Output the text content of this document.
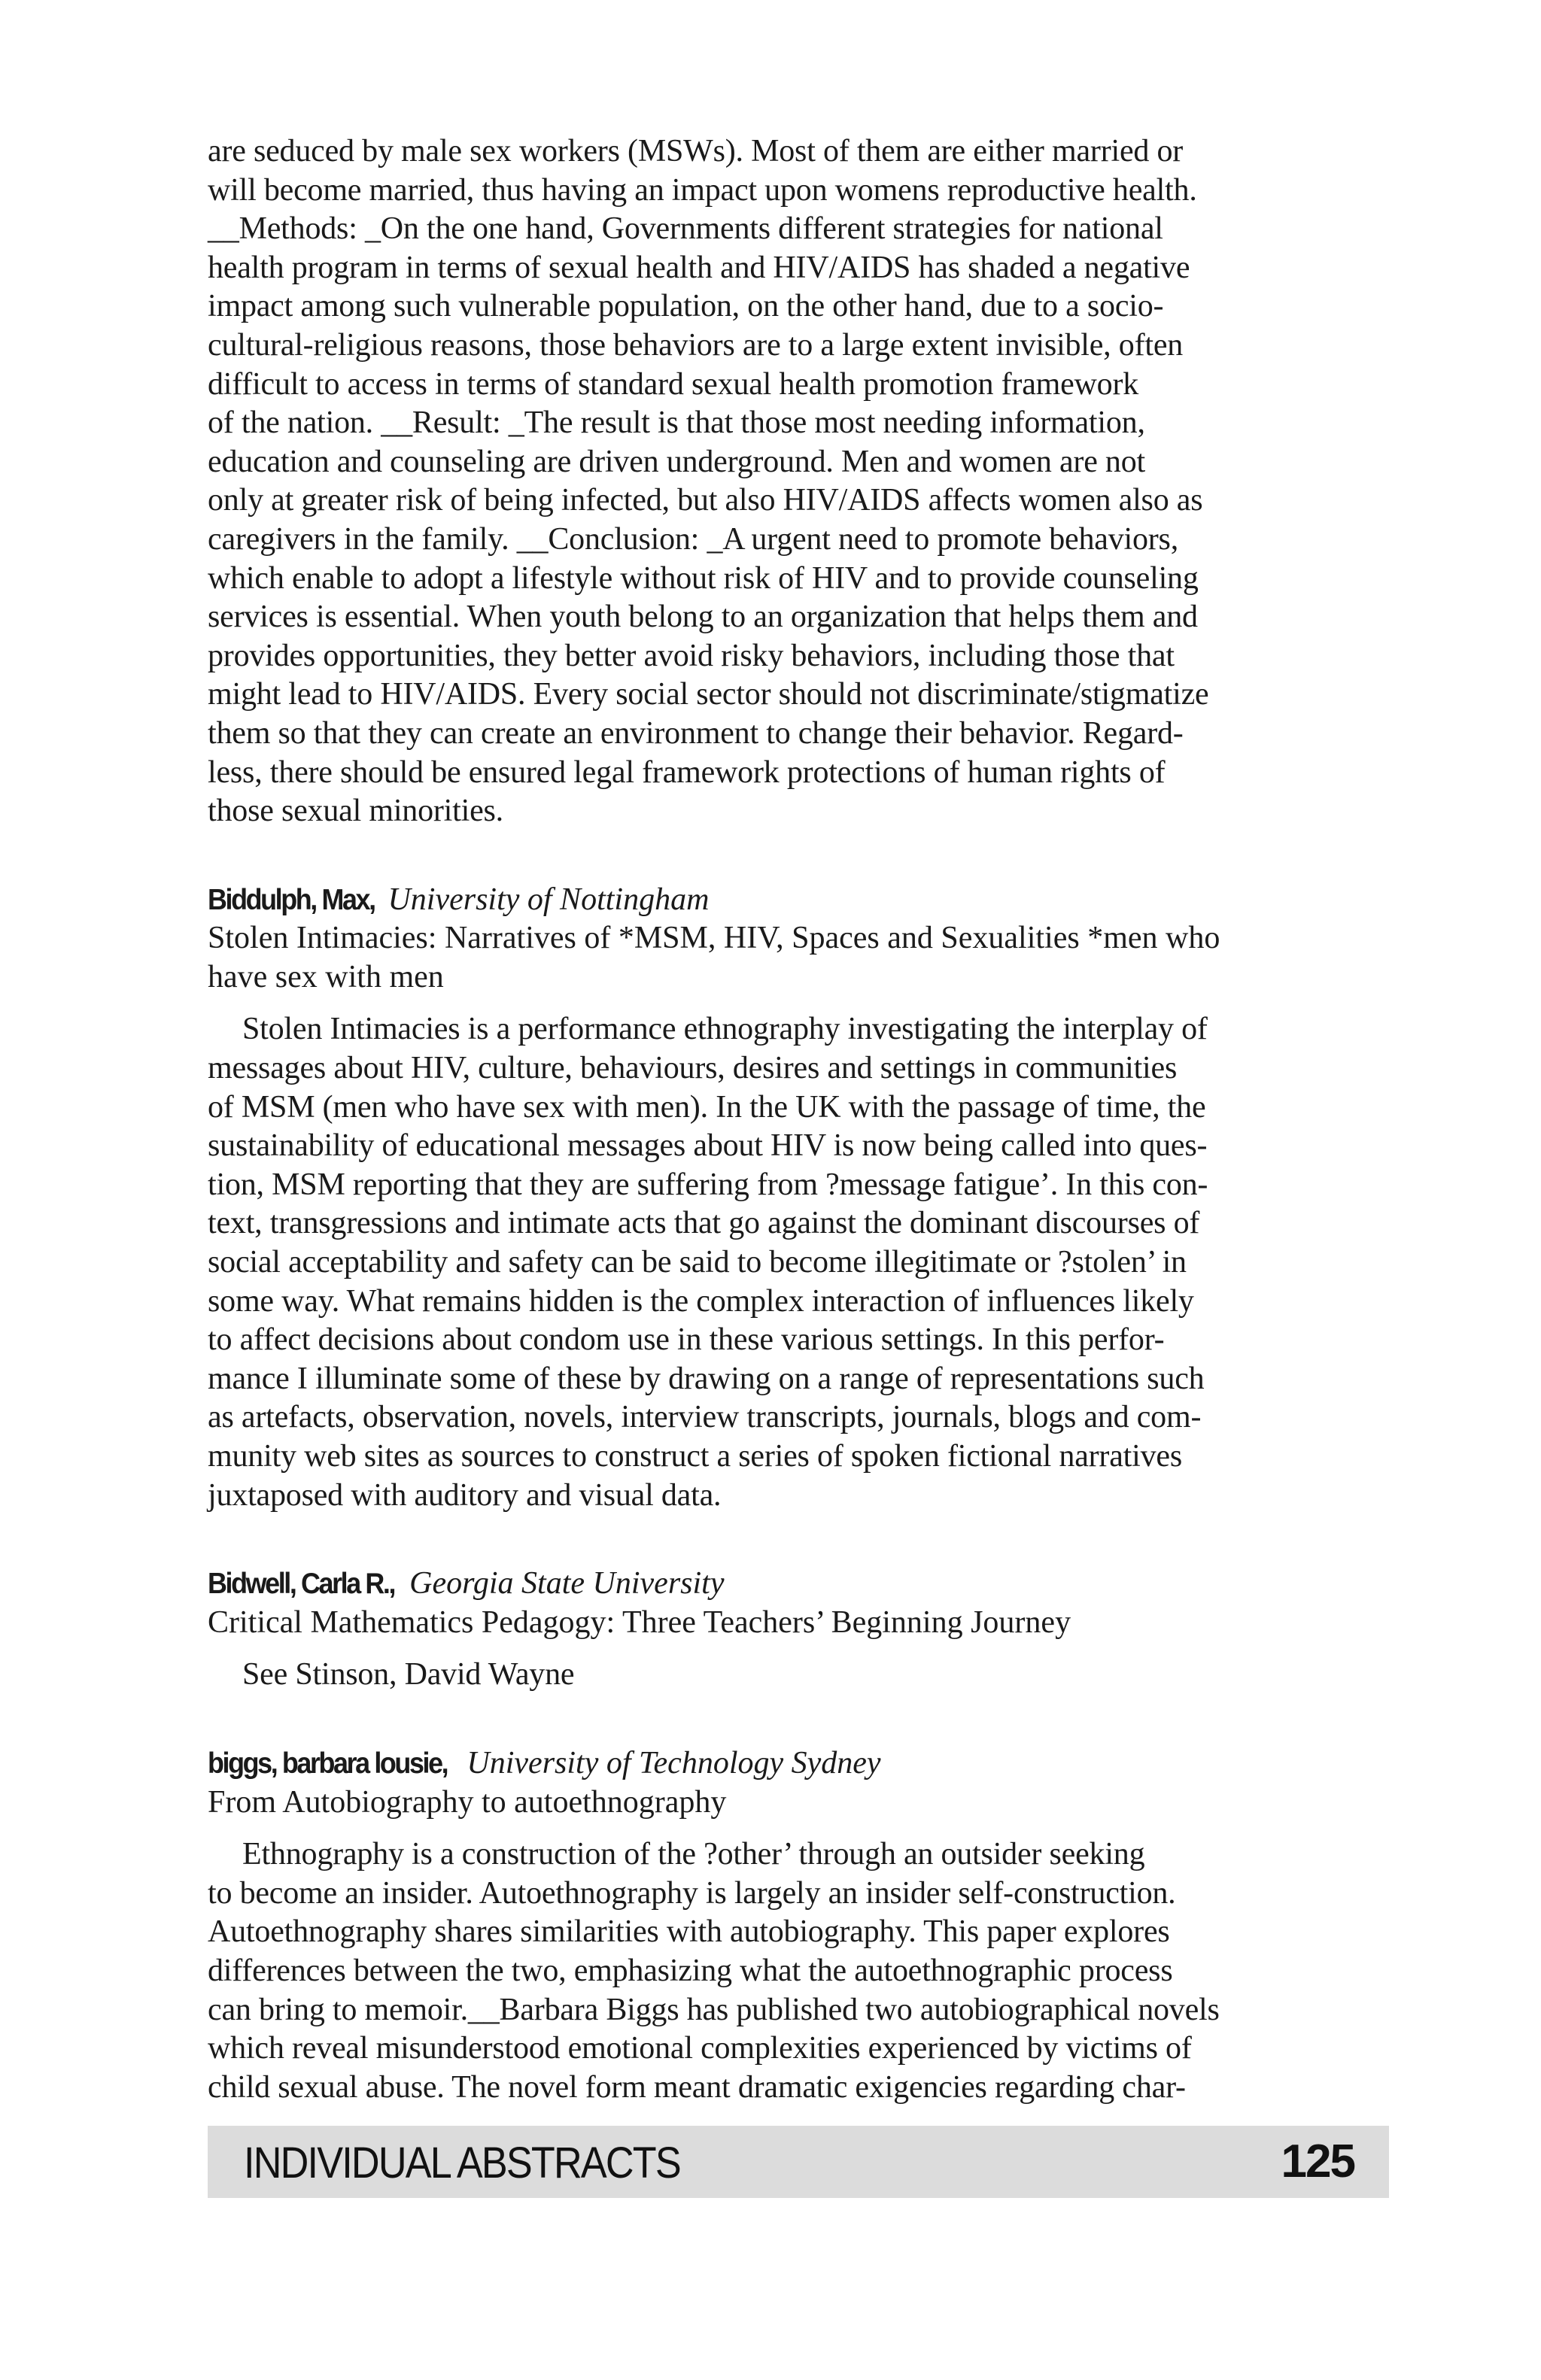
are seduced by male sex workers (MSWs). Most of them are either married or
will become married, thus having an impact upon womens reproductive health.
__Methods: _On the one hand, Governments different strategies for national
health program in terms of sexual health and HIV/AIDS has shaded a negative
impact among such vulnerable population, on the other hand, due to a socio-
cultural-religious reasons, those behaviors are to a large extent invisible, often
difficult to access in terms of standard sexual health promotion framework
of the nation. __Result: _The result is that those most needing information,
education and counseling are driven underground. Men and women are not
only at greater risk of being infected, but also HIV/AIDS affects women also as
caregivers in the family. __Conclusion: _A urgent need to promote behaviors,
which enable to adopt a lifestyle without risk of HIV and to provide counseling
services is essential. When youth belong to an organization that helps them and
provides opportunities, they better avoid risky behaviors, including those that
might lead to HIV/AIDS. Every social sector should not discriminate/stigmatize
them so that they can create an environment to change their behavior. Regard-
less, there should be ensured legal framework protections of human rights of
those sexual minorities.

Biddulph, Max, University of Nottingham
Stolen Intimacies: Narratives of *MSM, HIV, Spaces and Sexualities *men who
have sex with men

Stolen Intimacies is a performance ethnography investigating the interplay of
messages about HIV, culture, behaviours, desires and settings in communities
of MSM (men who have sex with men). In the UK with the passage of time, the
sustainability of educational messages about HIV is now being called into ques-
tion, MSM reporting that they are suffering from ?message fatigue’. In this con-
text, transgressions and intimate acts that go against the dominant discourses of
social acceptability and safety can be said to become illegitimate or ?stolen’ in
some way. What remains hidden is the complex interaction of influences likely
to affect decisions about condom use in these various settings. In this perfor-
mance I illuminate some of these by drawing on a range of representations such
as artefacts, observation, novels, interview transcripts, journals, blogs and com-
munity web sites as sources to construct a series of spoken fictional narratives
juxtaposed with auditory and visual data.

Bidwell, Carla R., Georgia State University
Critical Mathematics Pedagogy: Three Teachers’ Beginning Journey

See Stinson, David Wayne

biggs, barbara lousie, University of Technology Sydney
From Autobiography to autoethnography

Ethnography is a construction of the ?other’ through an outsider seeking
to become an insider. Autoethnography is largely an insider self-construction.
Autoethnography shares similarities with autobiography. This paper explores
differences between the two, emphasizing what the autoethnographic process
can bring to memoir.__Barbara Biggs has published two autobiographical novels
which reveal misunderstood emotional complexities experienced by victims of
child sexual abuse. The novel form meant dramatic exigencies regarding char-

INDIVIDUAL ABSTRACTS	125
